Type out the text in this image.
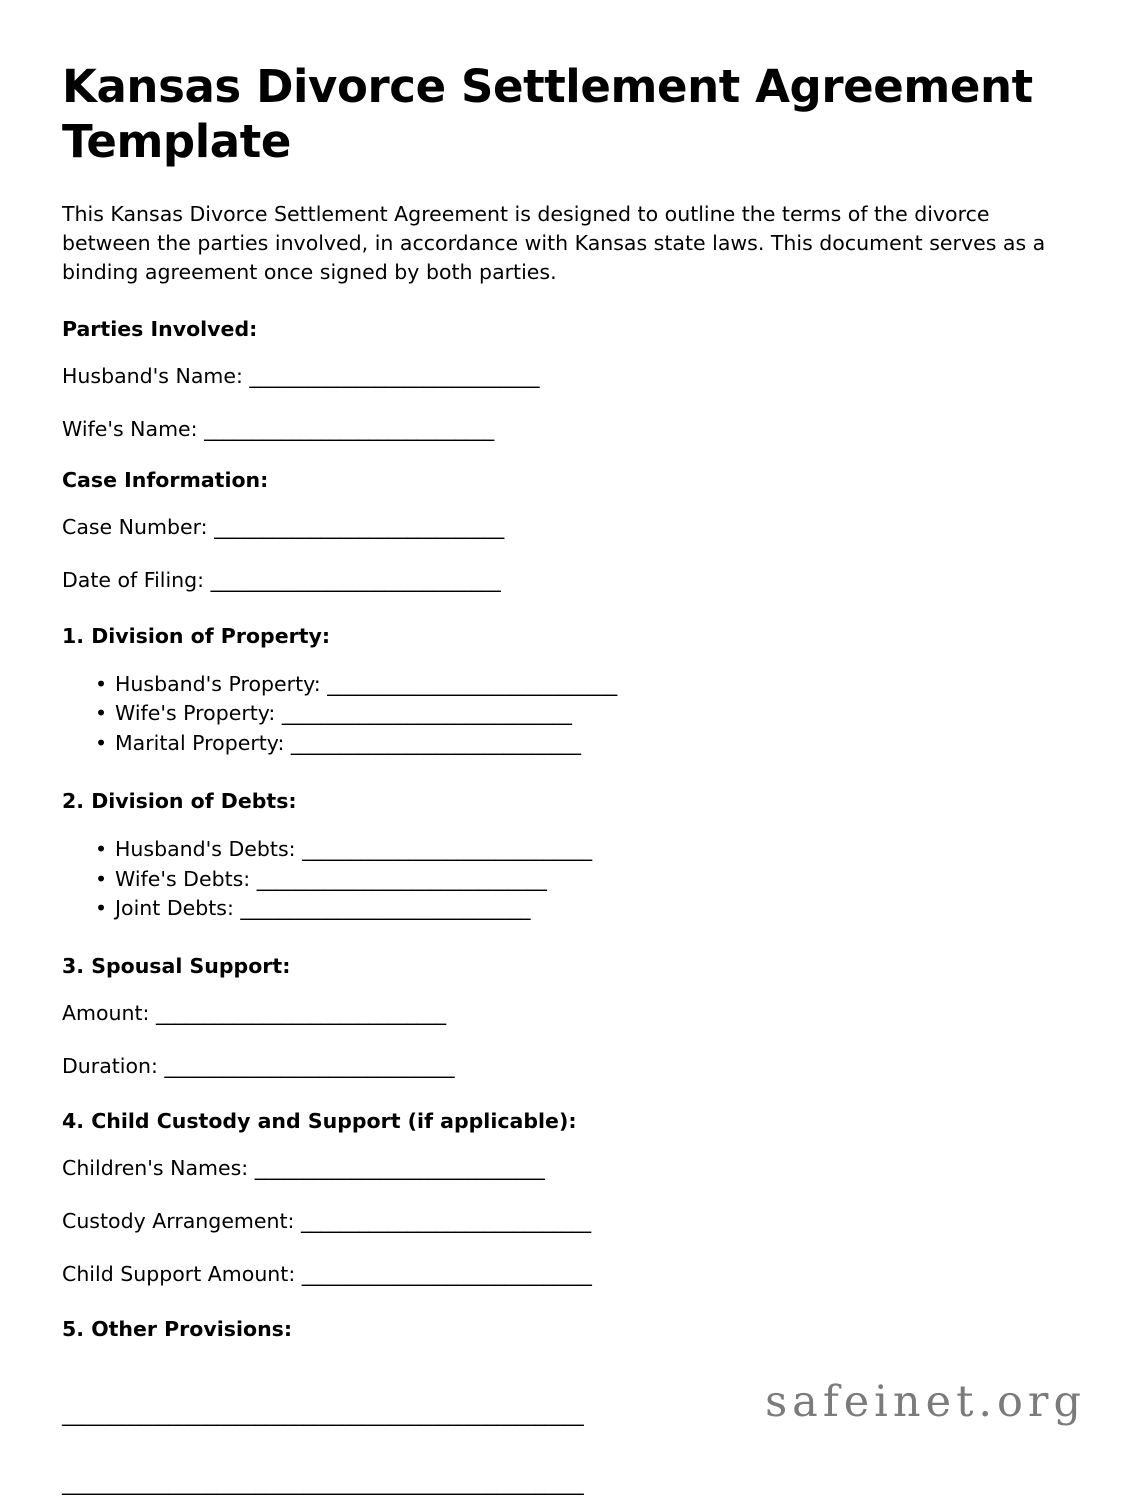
Kansas Divorce Settlement Agreement Template

This Kansas Divorce Settlement Agreement is designed to outline the terms of the divorce between the parties involved, in accordance with Kansas state laws. This document serves as a binding agreement once signed by both parties.

Parties Involved:
Husband's Name: ______________________________
Wife's Name: ______________________________
Case Information:
Case Number: ______________________________
Date of Filing: ______________________________
1. Division of Property:
• Husband's Property: ______________________________
• Wife's Property: ______________________________
• Marital Property: ______________________________
2. Division of Debts:
• Husband's Debts: ______________________________
• Wife's Debts: ______________________________
• Joint Debts: ______________________________
3. Spousal Support:
Amount: ______________________________
Duration: ______________________________
4. Child Custody and Support (if applicable):
Children's Names: ______________________________
Custody Arrangement: ______________________________
Child Support Amount: ______________________________
5. Other Provisions:
______________________________________________________
______________________________________________________
safeinet.org
